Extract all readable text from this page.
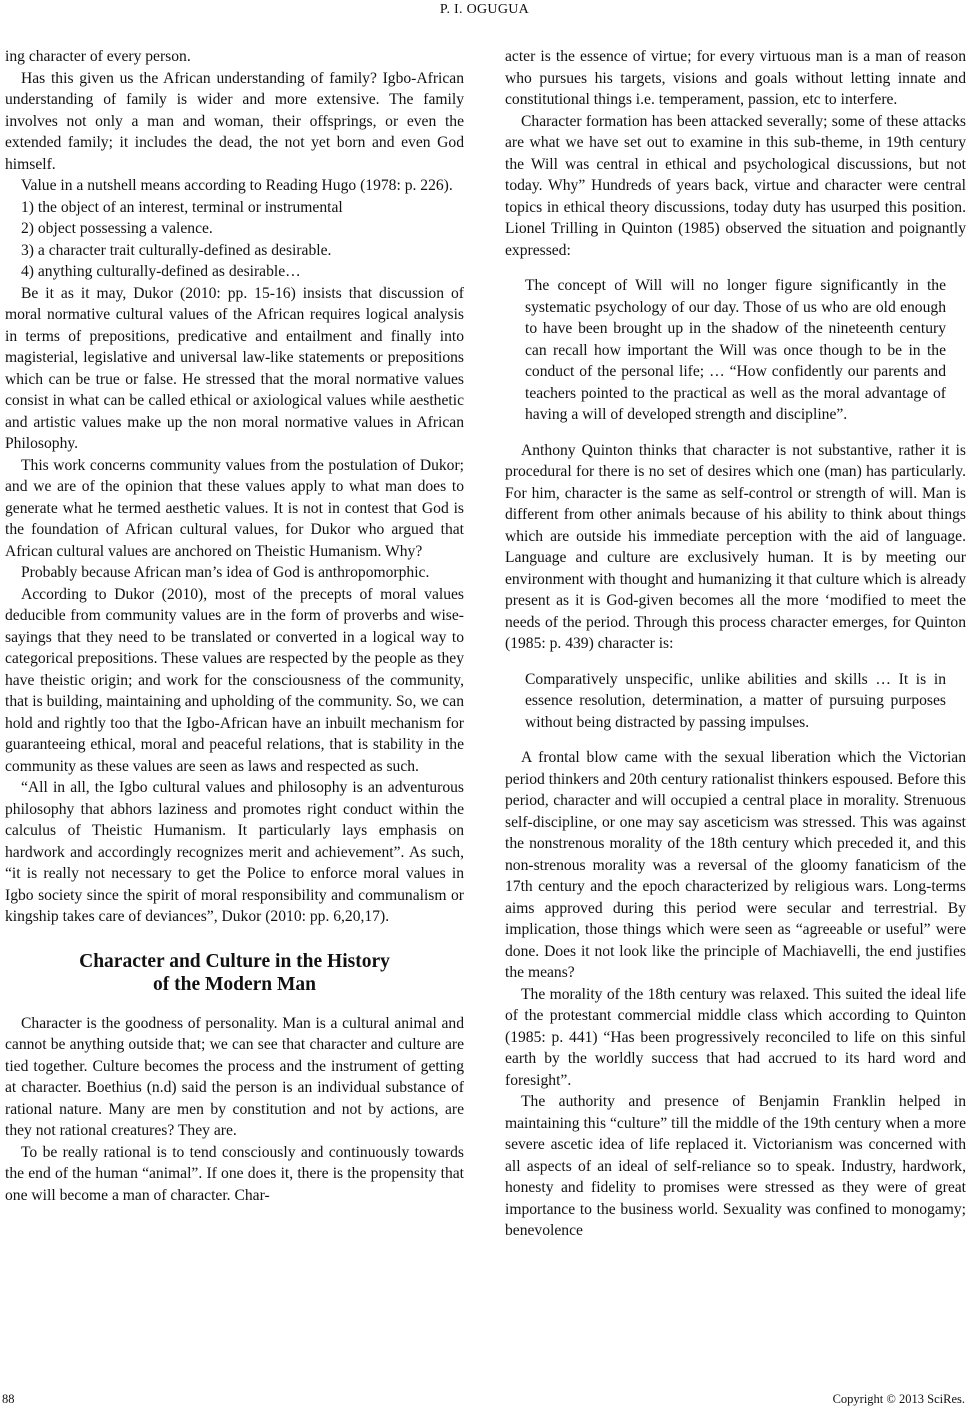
P. I. OGUGUA

ing character of every person.

Has this given us the African understanding of family? Igbo-African understanding of family is wider and more extensive. The family involves not only a man and woman, their offsprings, or even the extended family; it includes the dead, the not yet born and even God himself.

Value in a nutshell means according to Reading Hugo (1978: p. 226).

1) the object of an interest, terminal or instrumental

2) object possessing a valence.

3) a character trait culturally-defined as desirable.

4) anything culturally-defined as desirable…

Be it as it may, Dukor (2010: pp. 15-16) insists that discussion of moral normative cultural values of the African requires logical analysis in terms of prepositions, predicative and entailment and finally into magisterial, legislative and universal law-like statements or prepositions which can be true or false. He stressed that the moral normative values consist in what can be called ethical or axiological values while aesthetic and artistic values make up the non moral normative values in African Philosophy.

This work concerns community values from the postulation of Dukor; and we are of the opinion that these values apply to what man does to generate what he termed aesthetic values. It is not in contest that God is the foundation of African cultural values, for Dukor who argued that African cultural values are anchored on Theistic Humanism. Why?

Probably because African man’s idea of God is anthropomorphic.

According to Dukor (2010), most of the precepts of moral values deducible from community values are in the form of proverbs and wise-sayings that they need to be translated or converted in a logical way to categorical prepositions. These values are respected by the people as they have theistic origin; and work for the consciousness of the community, that is building, maintaining and upholding of the community. So, we can hold and rightly too that the Igbo-African have an inbuilt mechanism for guaranteeing ethical, moral and peaceful relations, that is stability in the community as these values are seen as laws and respected as such.

“All in all, the Igbo cultural values and philosophy is an adventurous philosophy that abhors laziness and promotes right conduct within the calculus of Theistic Humanism. It particularly lays emphasis on hardwork and accordingly recognizes merit and achievement”. As such, “it is really not necessary to get the Police to enforce moral values in Igbo society since the spirit of moral responsibility and communalism or kingship takes care of deviances”, Dukor (2010: pp. 6,20,17).

Character and Culture in the History
of the Modern Man

Character is the goodness of personality. Man is a cultural animal and cannot be anything outside that; we can see that character and culture are tied together. Culture becomes the process and the instrument of getting at character. Boethius (n.d) said the person is an individual substance of rational nature. Many are men by constitution and not by actions, are they not rational creatures? They are.

To be really rational is to tend consciously and continuously towards the end of the human “animal”. If one does it, there is the propensity that one will become a man of character. Char-

acter is the essence of virtue; for every virtuous man is a man of reason who pursues his targets, visions and goals without letting innate and constitutional things i.e. temperament, passion, etc to interfere.

Character formation has been attacked severally; some of these attacks are what we have set out to examine in this sub-theme, in 19th century the Will was central in ethical and psychological discussions, but not today. Why” Hundreds of years back, virtue and character were central topics in ethical theory discussions, today duty has usurped this position. Lionel Trilling in Quinton (1985) observed the situation and poignantly expressed:

The concept of Will will no longer figure significantly in the systematic psychology of our day. Those of us who are old enough to have been brought up in the shadow of the nineteenth century can recall how important the Will was once though to be in the conduct of the personal life; … “How confidently our parents and teachers pointed to the practical as well as the moral advantage of having a will of developed strength and discipline”.

Anthony Quinton thinks that character is not substantive, rather it is procedural for there is no set of desires which one (man) has particularly. For him, character is the same as self-control or strength of will. Man is different from other animals because of his ability to think about things which are outside his immediate perception with the aid of language. Language and culture are exclusively human. It is by meeting our environment with thought and humanizing it that culture which is already present as it is God-given becomes all the more ‘modified to meet the needs of the period. Through this process character emerges, for Quinton (1985: p. 439) character is:

Comparatively unspecific, unlike abilities and skills … It is in essence resolution, determination, a matter of pursuing purposes without being distracted by passing impulses.

A frontal blow came with the sexual liberation which the Victorian period thinkers and 20th century rationalist thinkers espoused. Before this period, character and will occupied a central place in morality. Strenuous self-discipline, or one may say asceticism was stressed. This was against the nonstrenous morality of the 18th century which preceded it, and this non-strenous morality was a reversal of the gloomy fanaticism of the 17th century and the epoch characterized by religious wars. Long-terms aims approved during this period were secular and terrestrial. By implication, those things which were seen as “agreeable or useful” were done. Does it not look like the principle of Machiavelli, the end justifies the means?

The morality of the 18th century was relaxed. This suited the ideal life of the protestant commercial middle class which according to Quinton (1985: p. 441) “Has been progressively reconciled to life on this sinful earth by the worldly success that had accrued to its hard word and foresight”.

The authority and presence of Benjamin Franklin helped in maintaining this “culture” till the middle of the 19th century when a more severe ascetic idea of life replaced it. Victorianism was concerned with all aspects of an ideal of self-reliance so to speak. Industry, hardwork, honesty and fidelity to promises were stressed as they were of great importance to the business world. Sexuality was confined to monogamy; benevolence

88	Copyright © 2013 SciRes.
